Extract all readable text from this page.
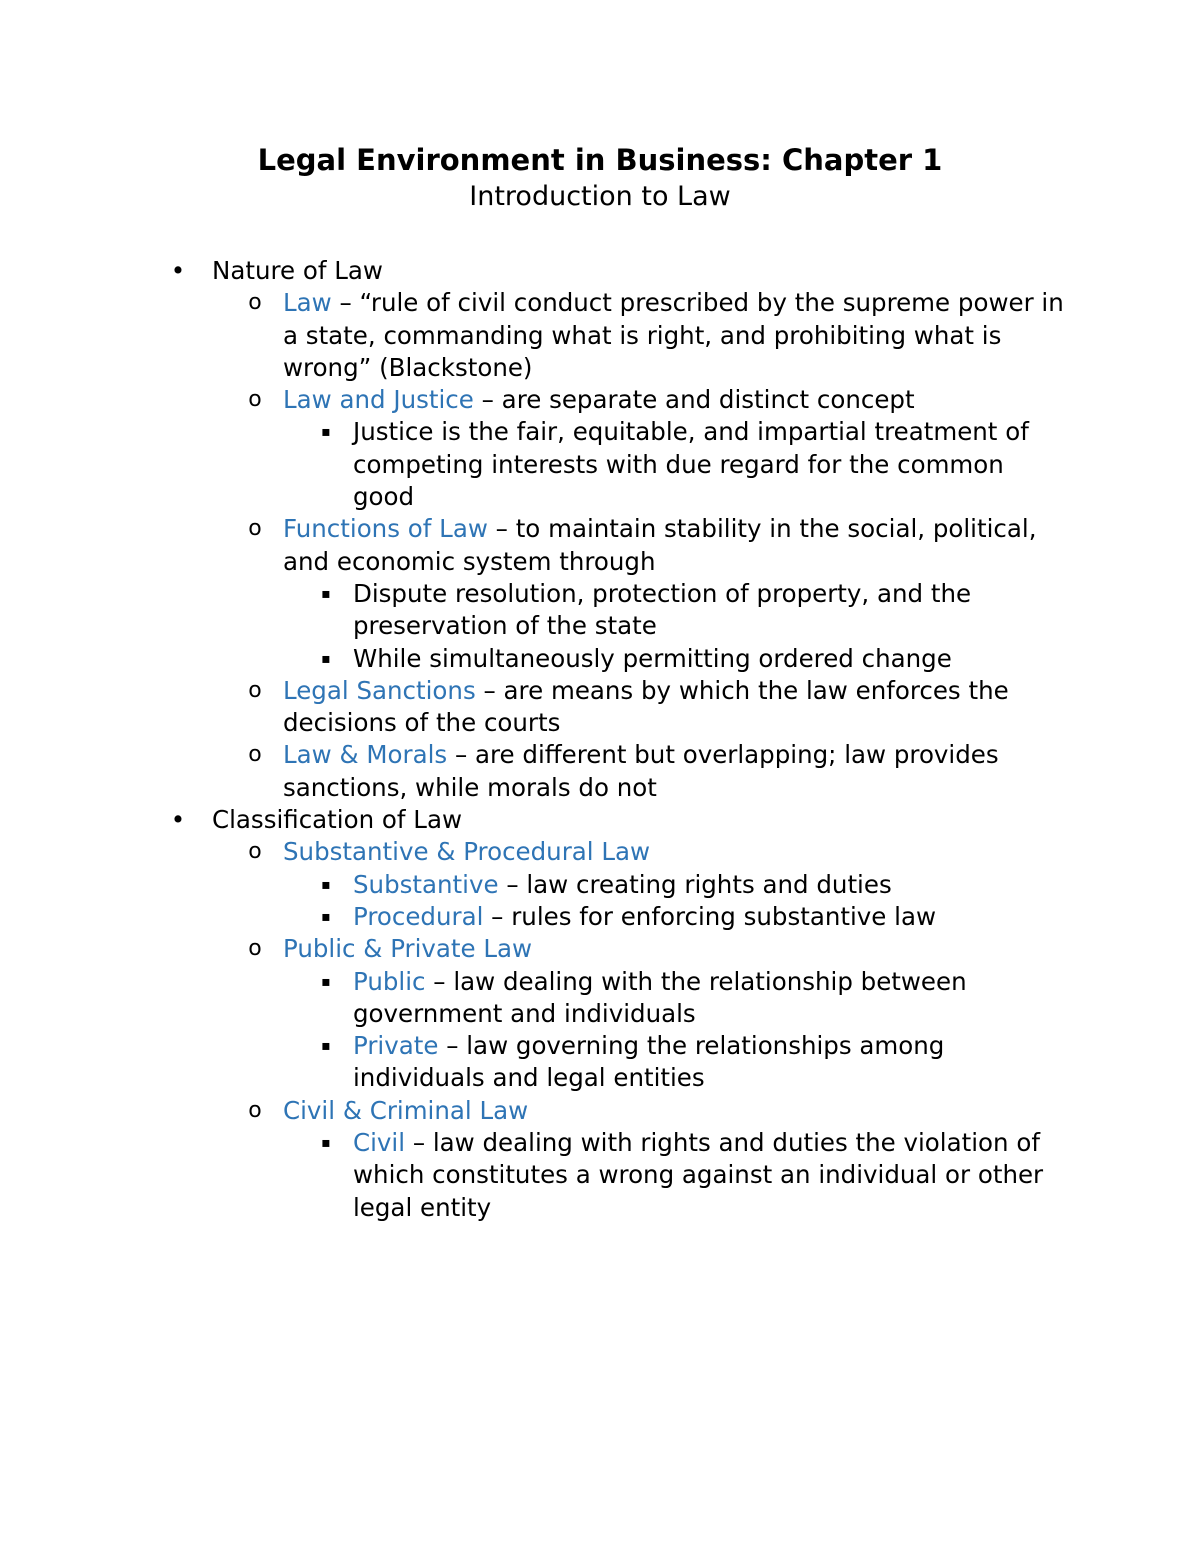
Legal Environment in Business: Chapter 1
Introduction to Law
• Nature of Law
o Law – “rule of civil conduct prescribed by the supreme power in a state, commanding what is right, and prohibiting what is wrong” (Blackstone)
o Law and Justice – are separate and distinct concept
▪ Justice is the fair, equitable, and impartial treatment of competing interests with due regard for the common good
o Functions of Law – to maintain stability in the social, political, and economic system through
▪ Dispute resolution, protection of property, and the preservation of the state
▪ While simultaneously permitting ordered change
o Legal Sanctions – are means by which the law enforces the decisions of the courts
o Law & Morals – are different but overlapping; law provides sanctions, while morals do not
• Classification of Law
o Substantive & Procedural Law
▪ Substantive – law creating rights and duties
▪ Procedural – rules for enforcing substantive law
o Public & Private Law
▪ Public – law dealing with the relationship between government and individuals
▪ Private – law governing the relationships among individuals and legal entities
o Civil & Criminal Law
▪ Civil – law dealing with rights and duties the violation of which constitutes a wrong against an individual or other legal entity
